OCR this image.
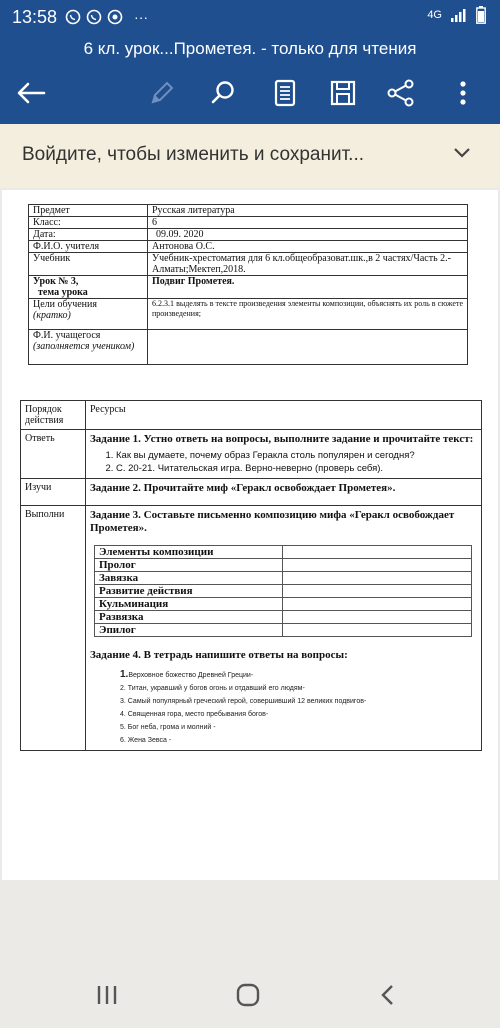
13:58	···	4G
6 кл. урок...Прометея. - только для чтения
Войдите, чтобы изменить и сохранит...
Предмет	Русская литература
Класс:	6
Дата:	09.09. 2020
Ф.И.О. учителя	Антонова О.С.
Учебник	Учебник-хрестоматия для 6 кл.общеобразоват.шк.,в 2 частях/Часть 2.-Алматы;Мектеп,2018.

Урок № 3,
тема урока	Подвиг Прометея.

Цели обучения
(кратко)	6.2.3.1 выделять в тексте произведения элементы композиции, объяснять их роль в сюжете произведения;

Ф.И. учащегося
(заполняется учеником)	

Порядок действия	Ресурсы
Ответь	Задание 1. Устно ответь на вопросы, выполните задание и прочитайте текст:
1. Как вы думаете, почему образ Геракла столь популярен и сегодня?
2. С. 20-21. Читательская игра. Верно-неверно (проверь себя).

Изучи	Задание 2. Прочитайте миф «Геракл освобождает Прометея».
Выполни	Задание 3. Составьте письменно композицию мифа «Геракл освобождает Прометея».
Элементы композиции	
Пролог	
Завязка	
Развитие действия	
Кульминация	
Развязка	
Эпилог	
Задание 4. В тетрадь напишите ответы на вопросы:
1.Верховное божество Древней Греции-
2. Титан, укравший у богов огонь и отдавший его людям-
3. Самый популярный греческий герой, совершивший 12 великих подвигов-
4. Священная гора, место пребывания богов-
5. Бог неба, грома и молний -
6. Жена Зевса -
